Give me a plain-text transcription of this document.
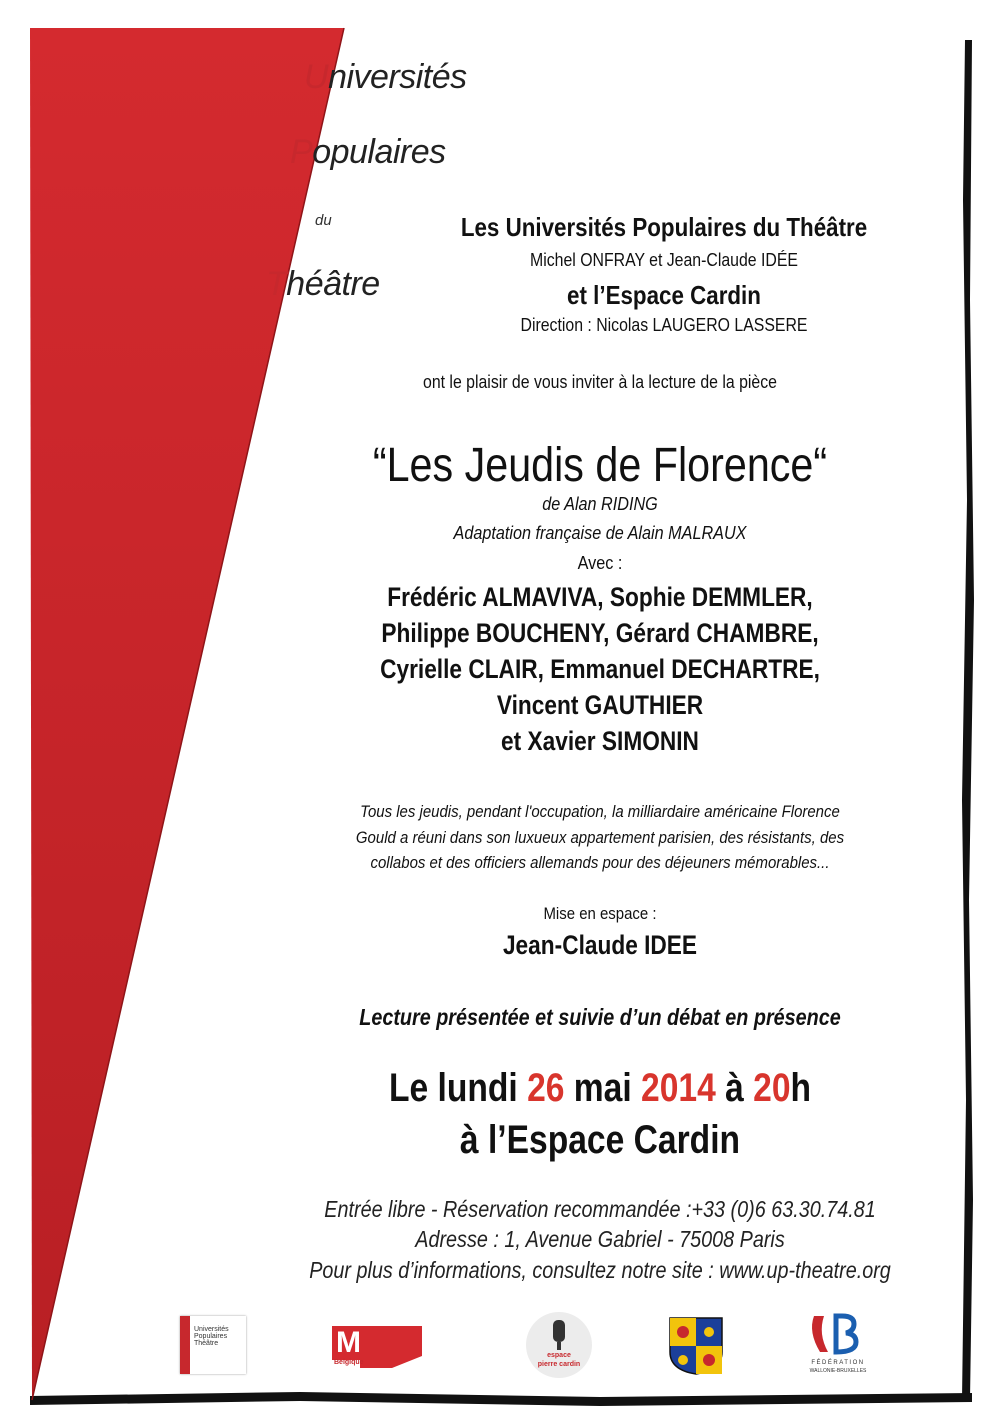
Universités
Populaires
du
Théâtre
Les Universités Populaires du Théâtre
Michel ONFRAY et Jean-Claude IDÉE
et l’Espace Cardin
Direction : Nicolas LAUGERO LASSERE
ont le plaisir de vous inviter à la lecture de la pièce
“Les Jeudis de Florence“
de Alan RIDING
Adaptation française de Alain MALRAUX
Avec :
Frédéric ALMAVIVA, Sophie DEMMLER,
Philippe BOUCHENY, Gérard CHAMBRE,
Cyrielle CLAIR, Emmanuel DECHARTRE,
Vincent GAUTHIER
et Xavier SIMONIN
Tous les jeudis, pendant l'occupation, la milliardaire américaine Florence
Gould a réuni dans son luxueux appartement parisien, des résistants, des
collabos et des officiers allemands pour des déjeuners mémorables...
Mise en espace :
Jean-Claude IDEE
Lecture présentée et suivie d’un débat en présence
Le lundi 26 mai 2014 à 20h
à l’Espace Cardin
Entrée libre - Réservation recommandée :+33 (0)6 63.30.74.81
Adresse : 1, Avenue Gabriel - 75008 Paris
Pour plus d’informations, consultez notre site : www.up-theatre.org
Universités
Populaires
Théâtre	M
Belgique
espace
pierre cardin	FÉDÉRATION
WALLONIE-BRUXELLES
